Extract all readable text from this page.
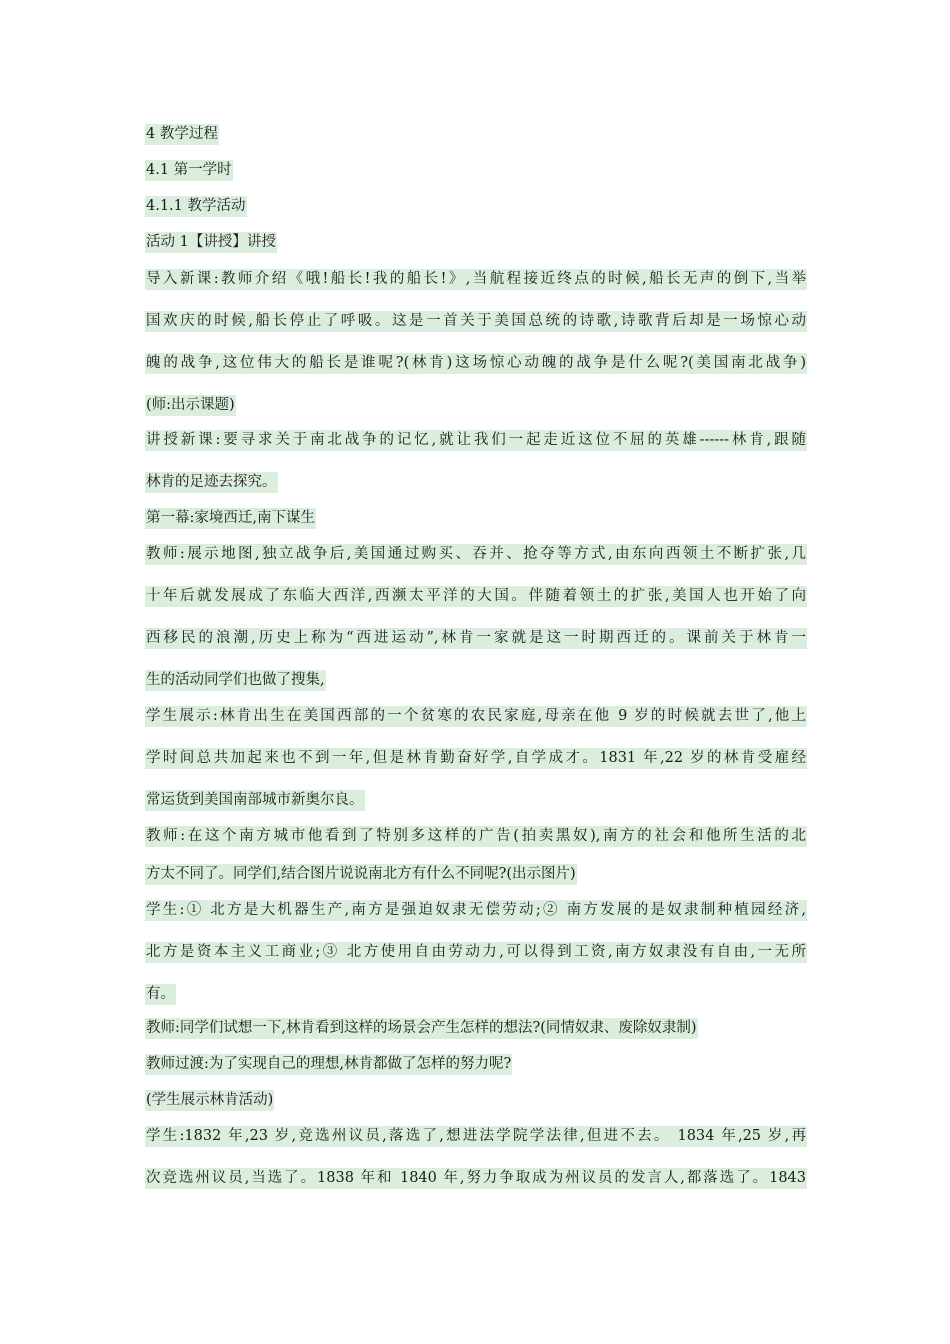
4 教学过程
4.1 第一学时
4.1.1 教学活动
活动 1【讲授】讲授
导入新课:教师介绍《哦!船长!我的船长!》,当航程接近终点的时候,船长无声的倒下,当举
国欢庆的时候,船长停止了呼吸。这是一首关于美国总统的诗歌,诗歌背后却是一场惊心动
魄的战争,这位伟大的船长是谁呢?(林肯)这场惊心动魄的战争是什么呢?(美国南北战争)
(师:出示课题)
讲授新课:要寻求关于南北战争的记忆,就让我们一起走近这位不屈的英雄------林肯,跟随
林肯的足迹去探究。
第一幕:家境西迁,南下谋生
教师:展示地图,独立战争后,美国通过购买、吞并、抢夺等方式,由东向西领土不断扩张,几
十年后就发展成了东临大西洋,西濒太平洋的大国。伴随着领土的扩张,美国人也开始了向
西移民的浪潮,历史上称为“西进运动”,林肯一家就是这一时期西迁的。课前关于林肯一
生的活动同学们也做了搜集,
学生展示:林肯出生在美国西部的一个贫寒的农民家庭,母亲在他 9 岁的时候就去世了,他上
学时间总共加起来也不到一年,但是林肯勤奋好学,自学成才。1831 年,22 岁的林肯受雇经
常运货到美国南部城市新奥尔良。
教师:在这个南方城市他看到了特别多这样的广告(拍卖黑奴),南方的社会和他所生活的北
方太不同了。同学们,结合图片说说南北方有什么不同呢?(出示图片)
学生:① 北方是大机器生产,南方是强迫奴隶无偿劳动;② 南方发展的是奴隶制种植园经济,
北方是资本主义工商业;③ 北方使用自由劳动力,可以得到工资,南方奴隶没有自由,一无所
有。
教师:同学们试想一下,林肯看到这样的场景会产生怎样的想法?(同情奴隶、废除奴隶制)
教师过渡:为了实现自己的理想,林肯都做了怎样的努力呢?
(学生展示林肯活动)
学生:1832 年,23 岁,竞选州议员,落选了,想进法学院学法律,但进不去。 1834 年,25 岁,再
次竞选州议员,当选了。1838 年和 1840 年,努力争取成为州议员的发言人,都落选了。1843
